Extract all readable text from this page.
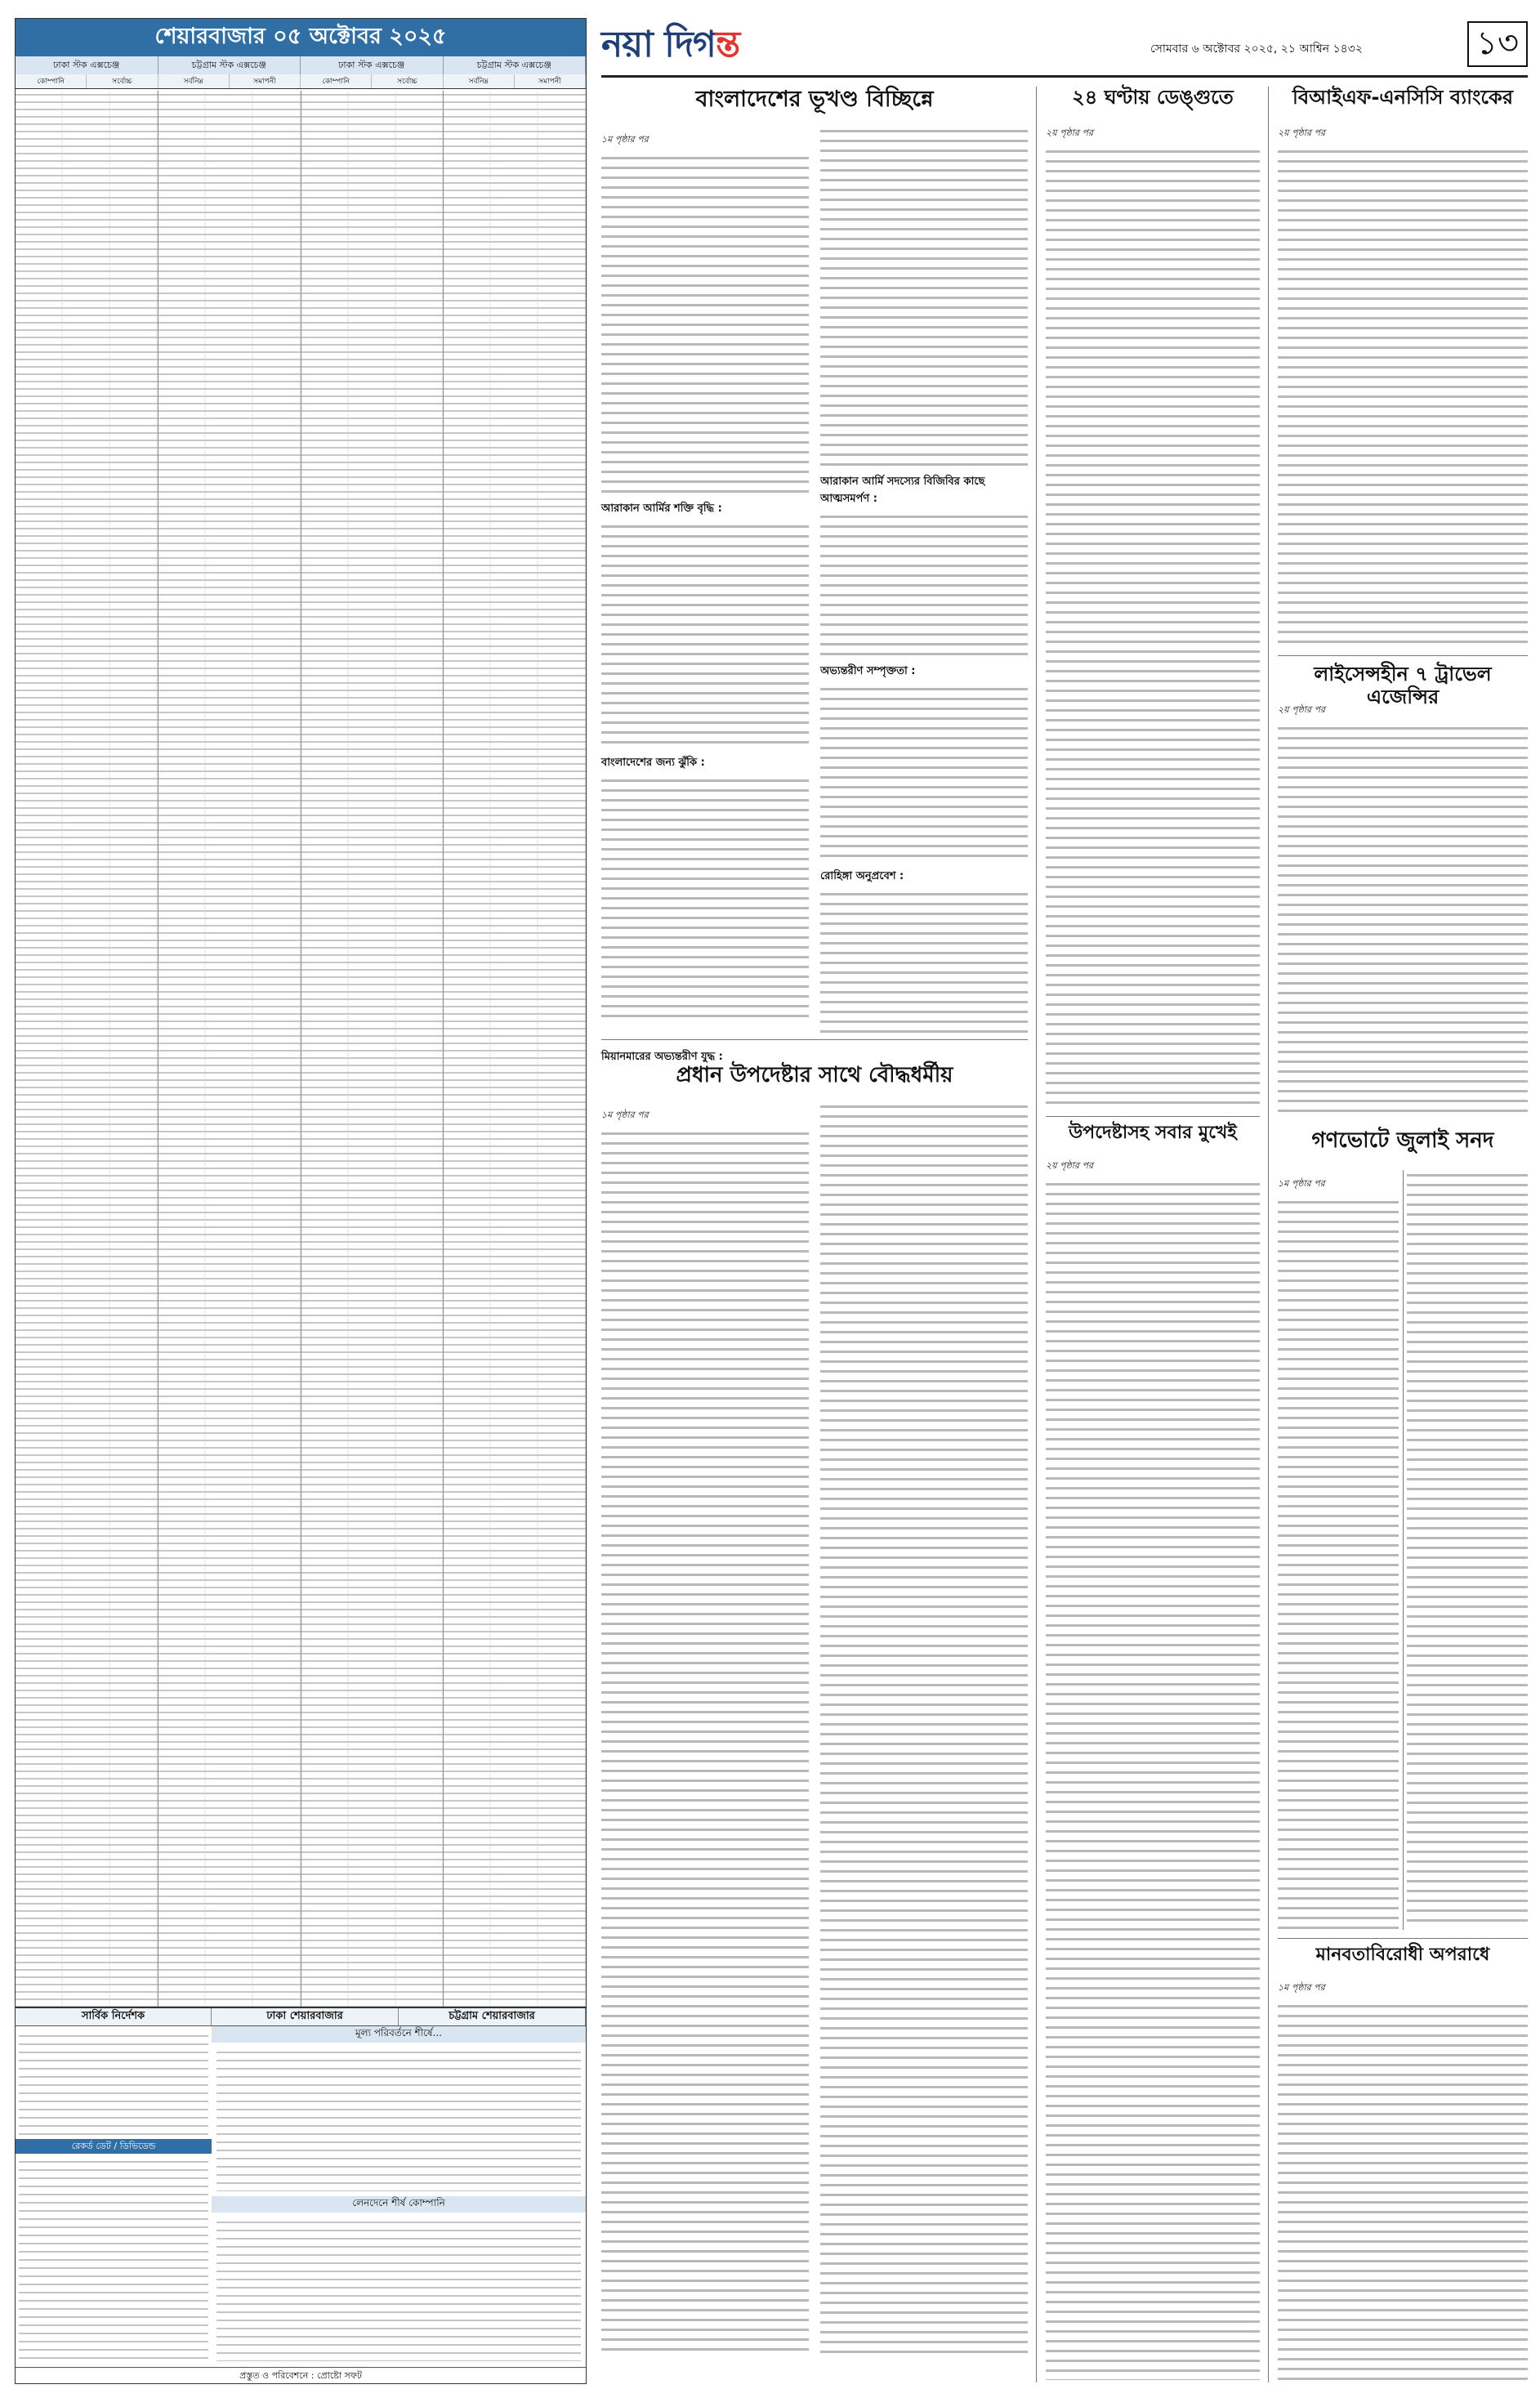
শেয়ারবাজার ০৫ অক্টোবর ২০২৫
ঢাকা স্টক এক্সচেঞ্জ	চট্টগ্রাম স্টক এক্সচেঞ্জ	ঢাকা স্টক এক্সচেঞ্জ	চট্টগ্রাম স্টক এক্সচেঞ্জ
কোম্পানি	সর্বোচ্চ	সর্বনিম্ন	সমাপনী	কোম্পানি	সর্বোচ্চ	সর্বনিম্ন	সমাপনী
সার্বিক নির্দেশক	ঢাকা শেয়ারবাজার	চট্টগ্রাম শেয়ারবাজার
মূল্য পরিবর্তনে শীর্ষে...
রেকর্ড ডেট / ডিভিডেন্ড
লেনদেনে শীর্ষ কোম্পানি
প্রস্তুত ও পরিবেশনে : প্রোষ্টো সফট
নয়া দিগন্ত	সোমবার ৬ অক্টোবর ২০২৫, ২১ আশ্বিন ১৪৩২	১৩
বাংলাদেশের ভূখণ্ড বিচ্ছিন্নে
১ম পৃষ্ঠার পর
আরাকান আর্মির শক্তি বৃদ্ধি :
বাংলাদেশের জন্য ঝুঁকি :
আরাকান আর্মি সদস্যের বিজিবির কাছে আত্মসমর্পণ :
অভ্যন্তরীণ সম্পৃক্ততা :
রোহিঙ্গা অনুপ্রবেশ :
মিয়ানমারের অভ্যন্তরীণ যুদ্ধ :
প্রধান উপদেষ্টার সাথে বৌদ্ধধর্মীয়
১ম পৃষ্ঠার পর
২৪ ঘণ্টায় ডেঙ্গুতে
২য় পৃষ্ঠার পর
উপদেষ্টাসহ সবার মুখেই
২য় পৃষ্ঠার পর
বিআইএফ-এনসিসি ব্যাংকের
২য় পৃষ্ঠার পর
লাইসেন্সহীন ৭ ট্রাভেল এজেন্সির
২য় পৃষ্ঠার পর
গণভোটে জুলাই সনদ
১ম পৃষ্ঠার পর
মানবতাবিরোধী অপরাধে
১ম পৃষ্ঠার পর
